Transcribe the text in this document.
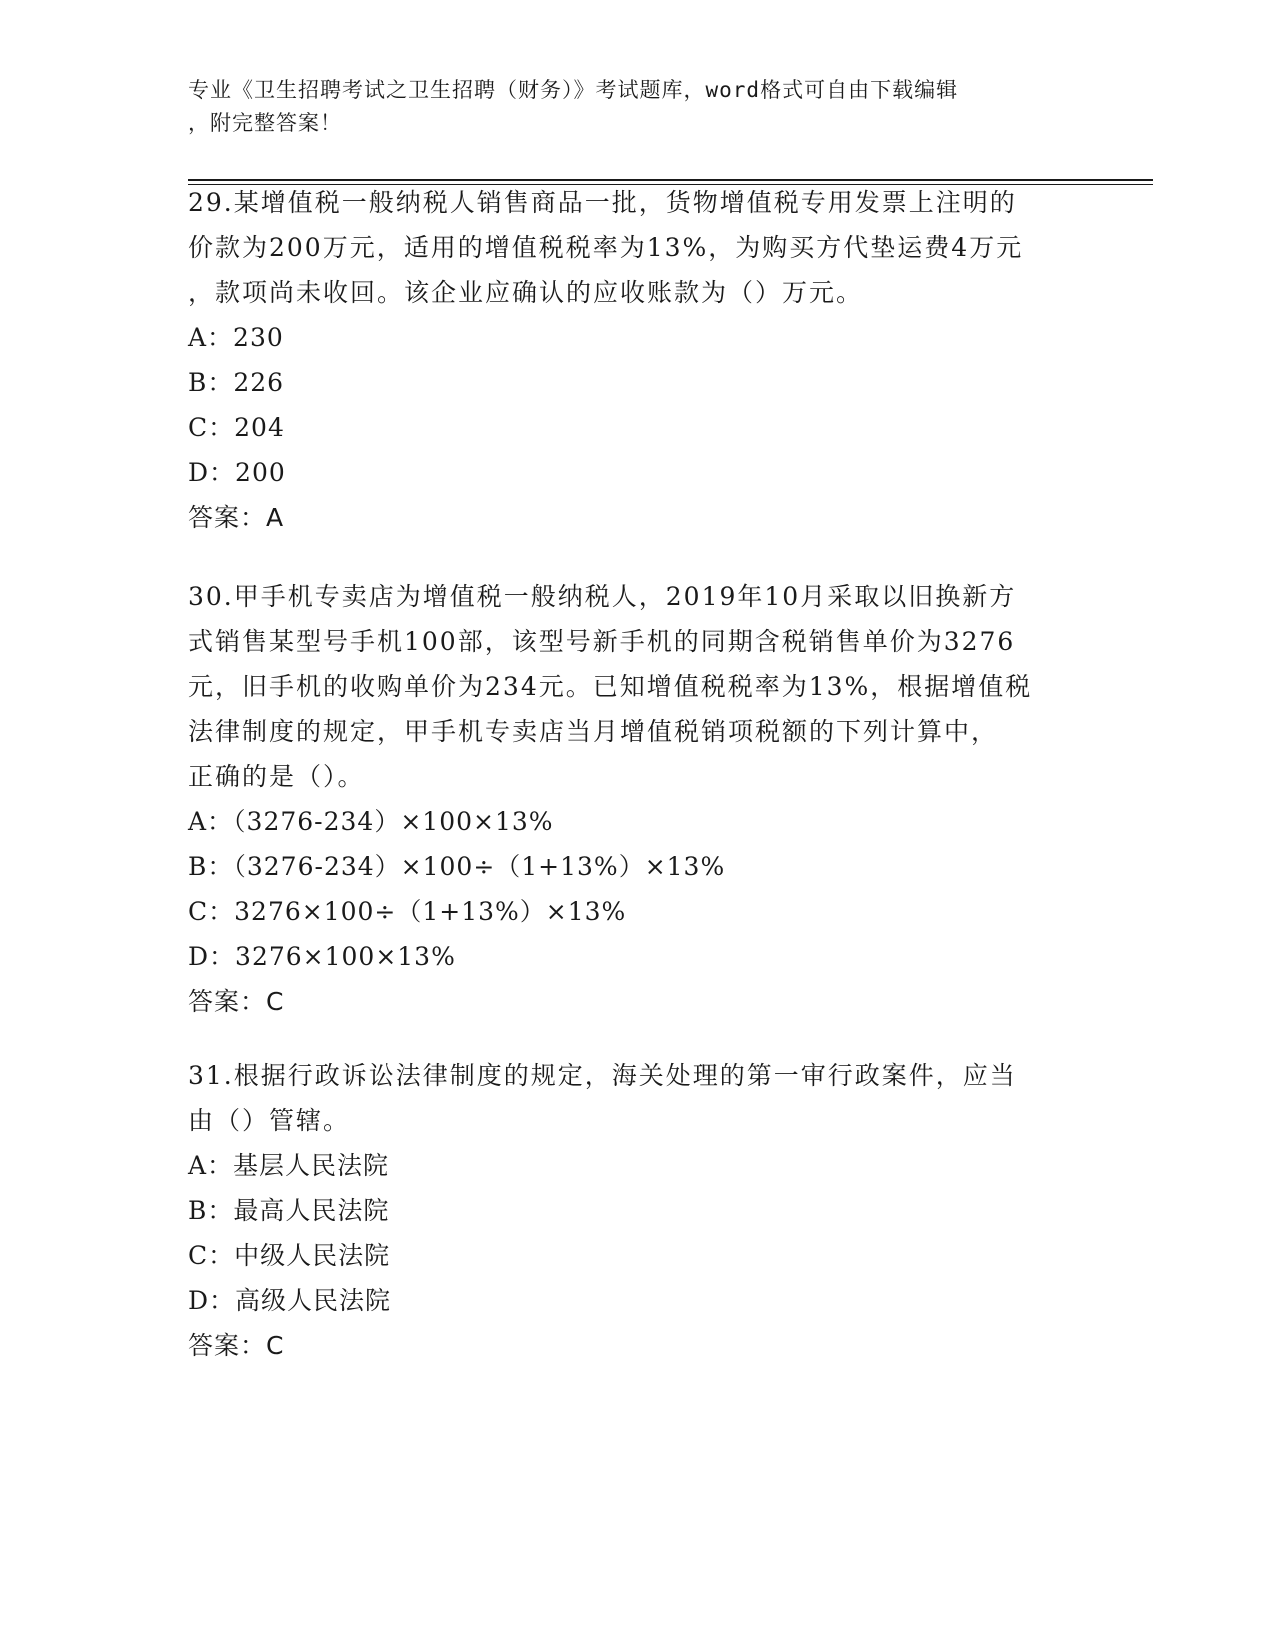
专业《卫生招聘考试之卫生招聘（财务）》考试题库，word格式可自由下载编辑
，附完整答案！
29.某增值税一般纳税人销售商品一批，货物增值税专用发票上注明的
价款为200万元，适用的增值税税率为13%，为购买方代垫运费4万元
，款项尚未收回。该企业应确认的应收账款为（）万元。
A：230
B：226
C：204
D：200
答案：A
30.甲手机专卖店为增值税一般纳税人，2019年10月采取以旧换新方
式销售某型号手机100部，该型号新手机的同期含税销售单价为3276
元，旧手机的收购单价为234元。已知增值税税率为13%，根据增值税
法律制度的规定，甲手机专卖店当月增值税销项税额的下列计算中，
正确的是（）。
A：（3276-234）×100×13%
B：（3276-234）×100÷（1+13%）×13%
C：3276×100÷（1+13%）×13%
D：3276×100×13%
答案：C
31.根据行政诉讼法律制度的规定，海关处理的第一审行政案件，应当
由（）管辖。
A：基层人民法院
B：最高人民法院
C：中级人民法院
D：高级人民法院
答案：C
